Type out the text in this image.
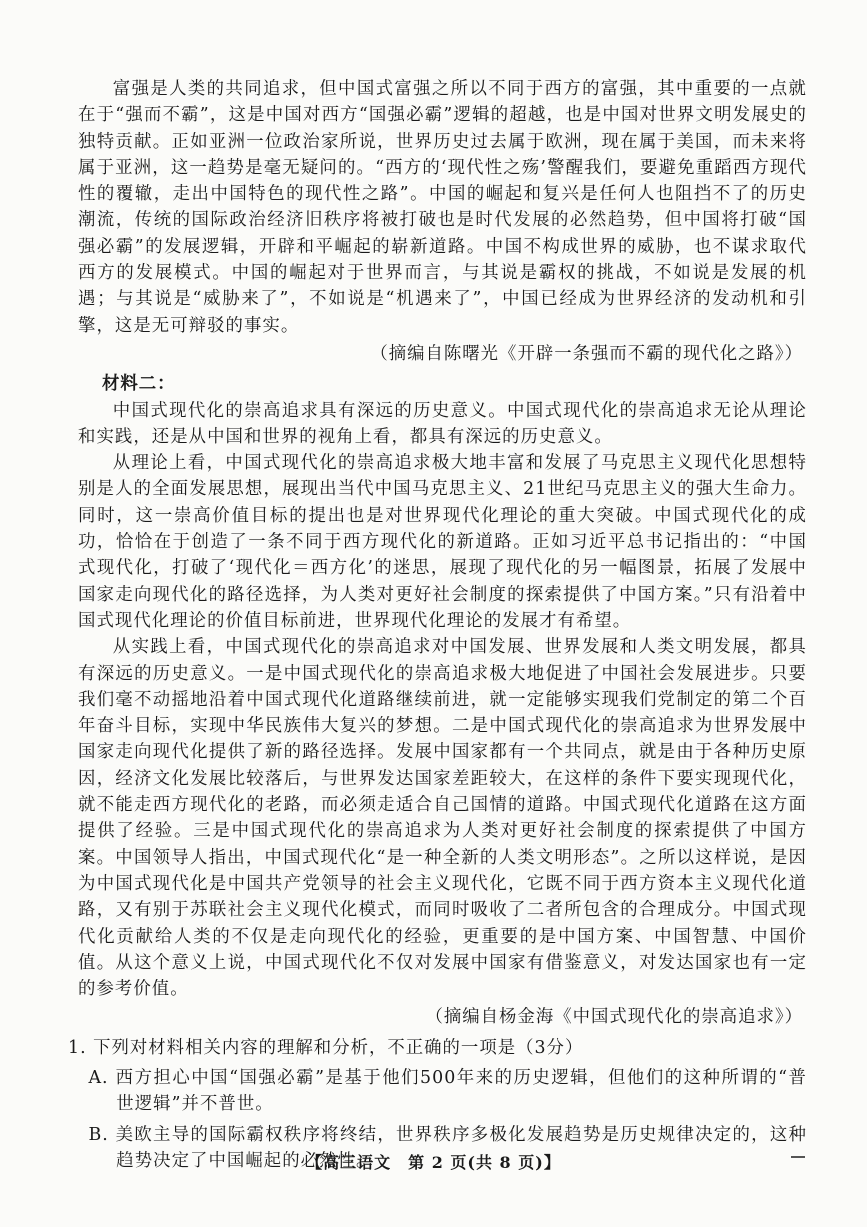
富强是人类的共同追求，但中国式富强之所以不同于西方的富强，其中重要的一点就在于“强而不霸”，这是中国对西方“国强必霸”逻辑的超越，也是中国对世界文明发展史的独特贡献。正如亚洲一位政治家所说，世界历史过去属于欧洲，现在属于美国，而未来将属于亚洲，这一趋势是毫无疑问的。“西方的‘现代性之殇’警醒我们，要避免重蹈西方现代性的覆辙，走出中国特色的现代性之路”。中国的崛起和复兴是任何人也阻挡不了的历史潮流，传统的国际政治经济旧秩序将被打破也是时代发展的必然趋势，但中国将打破“国强必霸”的发展逻辑，开辟和平崛起的崭新道路。中国不构成世界的威胁，也不谋求取代西方的发展模式。中国的崛起对于世界而言，与其说是霸权的挑战，不如说是发展的机遇；与其说是“威胁来了”，不如说是“机遇来了”，中国已经成为世界经济的发动机和引擎，这是无可辩驳的事实。

（摘编自陈曙光《开辟一条强而不霸的现代化之路》）

材料二：

中国式现代化的崇高追求具有深远的历史意义。中国式现代化的崇高追求无论从理论和实践，还是从中国和世界的视角上看，都具有深远的历史意义。

从理论上看，中国式现代化的崇高追求极大地丰富和发展了马克思主义现代化思想特别是人的全面发展思想，展现出当代中国马克思主义、21世纪马克思主义的强大生命力。同时，这一崇高价值目标的提出也是对世界现代化理论的重大突破。中国式现代化的成功，恰恰在于创造了一条不同于西方现代化的新道路。正如习近平总书记指出的：“中国式现代化，打破了‘现代化＝西方化’的迷思，展现了现代化的另一幅图景，拓展了发展中国家走向现代化的路径选择，为人类对更好社会制度的探索提供了中国方案。”只有沿着中国式现代化理论的价值目标前进，世界现代化理论的发展才有希望。

从实践上看，中国式现代化的崇高追求对中国发展、世界发展和人类文明发展，都具有深远的历史意义。一是中国式现代化的崇高追求极大地促进了中国社会发展进步。只要我们毫不动摇地沿着中国式现代化道路继续前进，就一定能够实现我们党制定的第二个百年奋斗目标，实现中华民族伟大复兴的梦想。二是中国式现代化的崇高追求为世界发展中国家走向现代化提供了新的路径选择。发展中国家都有一个共同点，就是由于各种历史原因，经济文化发展比较落后，与世界发达国家差距较大，在这样的条件下要实现现代化，就不能走西方现代化的老路，而必须走适合自己国情的道路。中国式现代化道路在这方面提供了经验。三是中国式现代化的崇高追求为人类对更好社会制度的探索提供了中国方案。中国领导人指出，中国式现代化“是一种全新的人类文明形态”。之所以这样说，是因为中国式现代化是中国共产党领导的社会主义现代化，它既不同于西方资本主义现代化道路，又有别于苏联社会主义现代化模式，而同时吸收了二者所包含的合理成分。中国式现代化贡献给人类的不仅是走向现代化的经验，更重要的是中国方案、中国智慧、中国价值。从这个意义上说，中国式现代化不仅对发展中国家有借鉴意义，对发达国家也有一定的参考价值。

（摘编自杨金海《中国式现代化的崇高追求》）

1. 下列对材料相关内容的理解和分析，不正确的一项是（3分）

A. 西方担心中国“国强必霸”是基于他们500年来的历史逻辑，但他们的这种所谓的“普世逻辑”并不普世。

B. 美欧主导的国际霸权秩序将终结，世界秩序多极化发展趋势是历史规律决定的，这种趋势决定了中国崛起的必然性。

【高三语文　第 2 页(共 8 页)】
